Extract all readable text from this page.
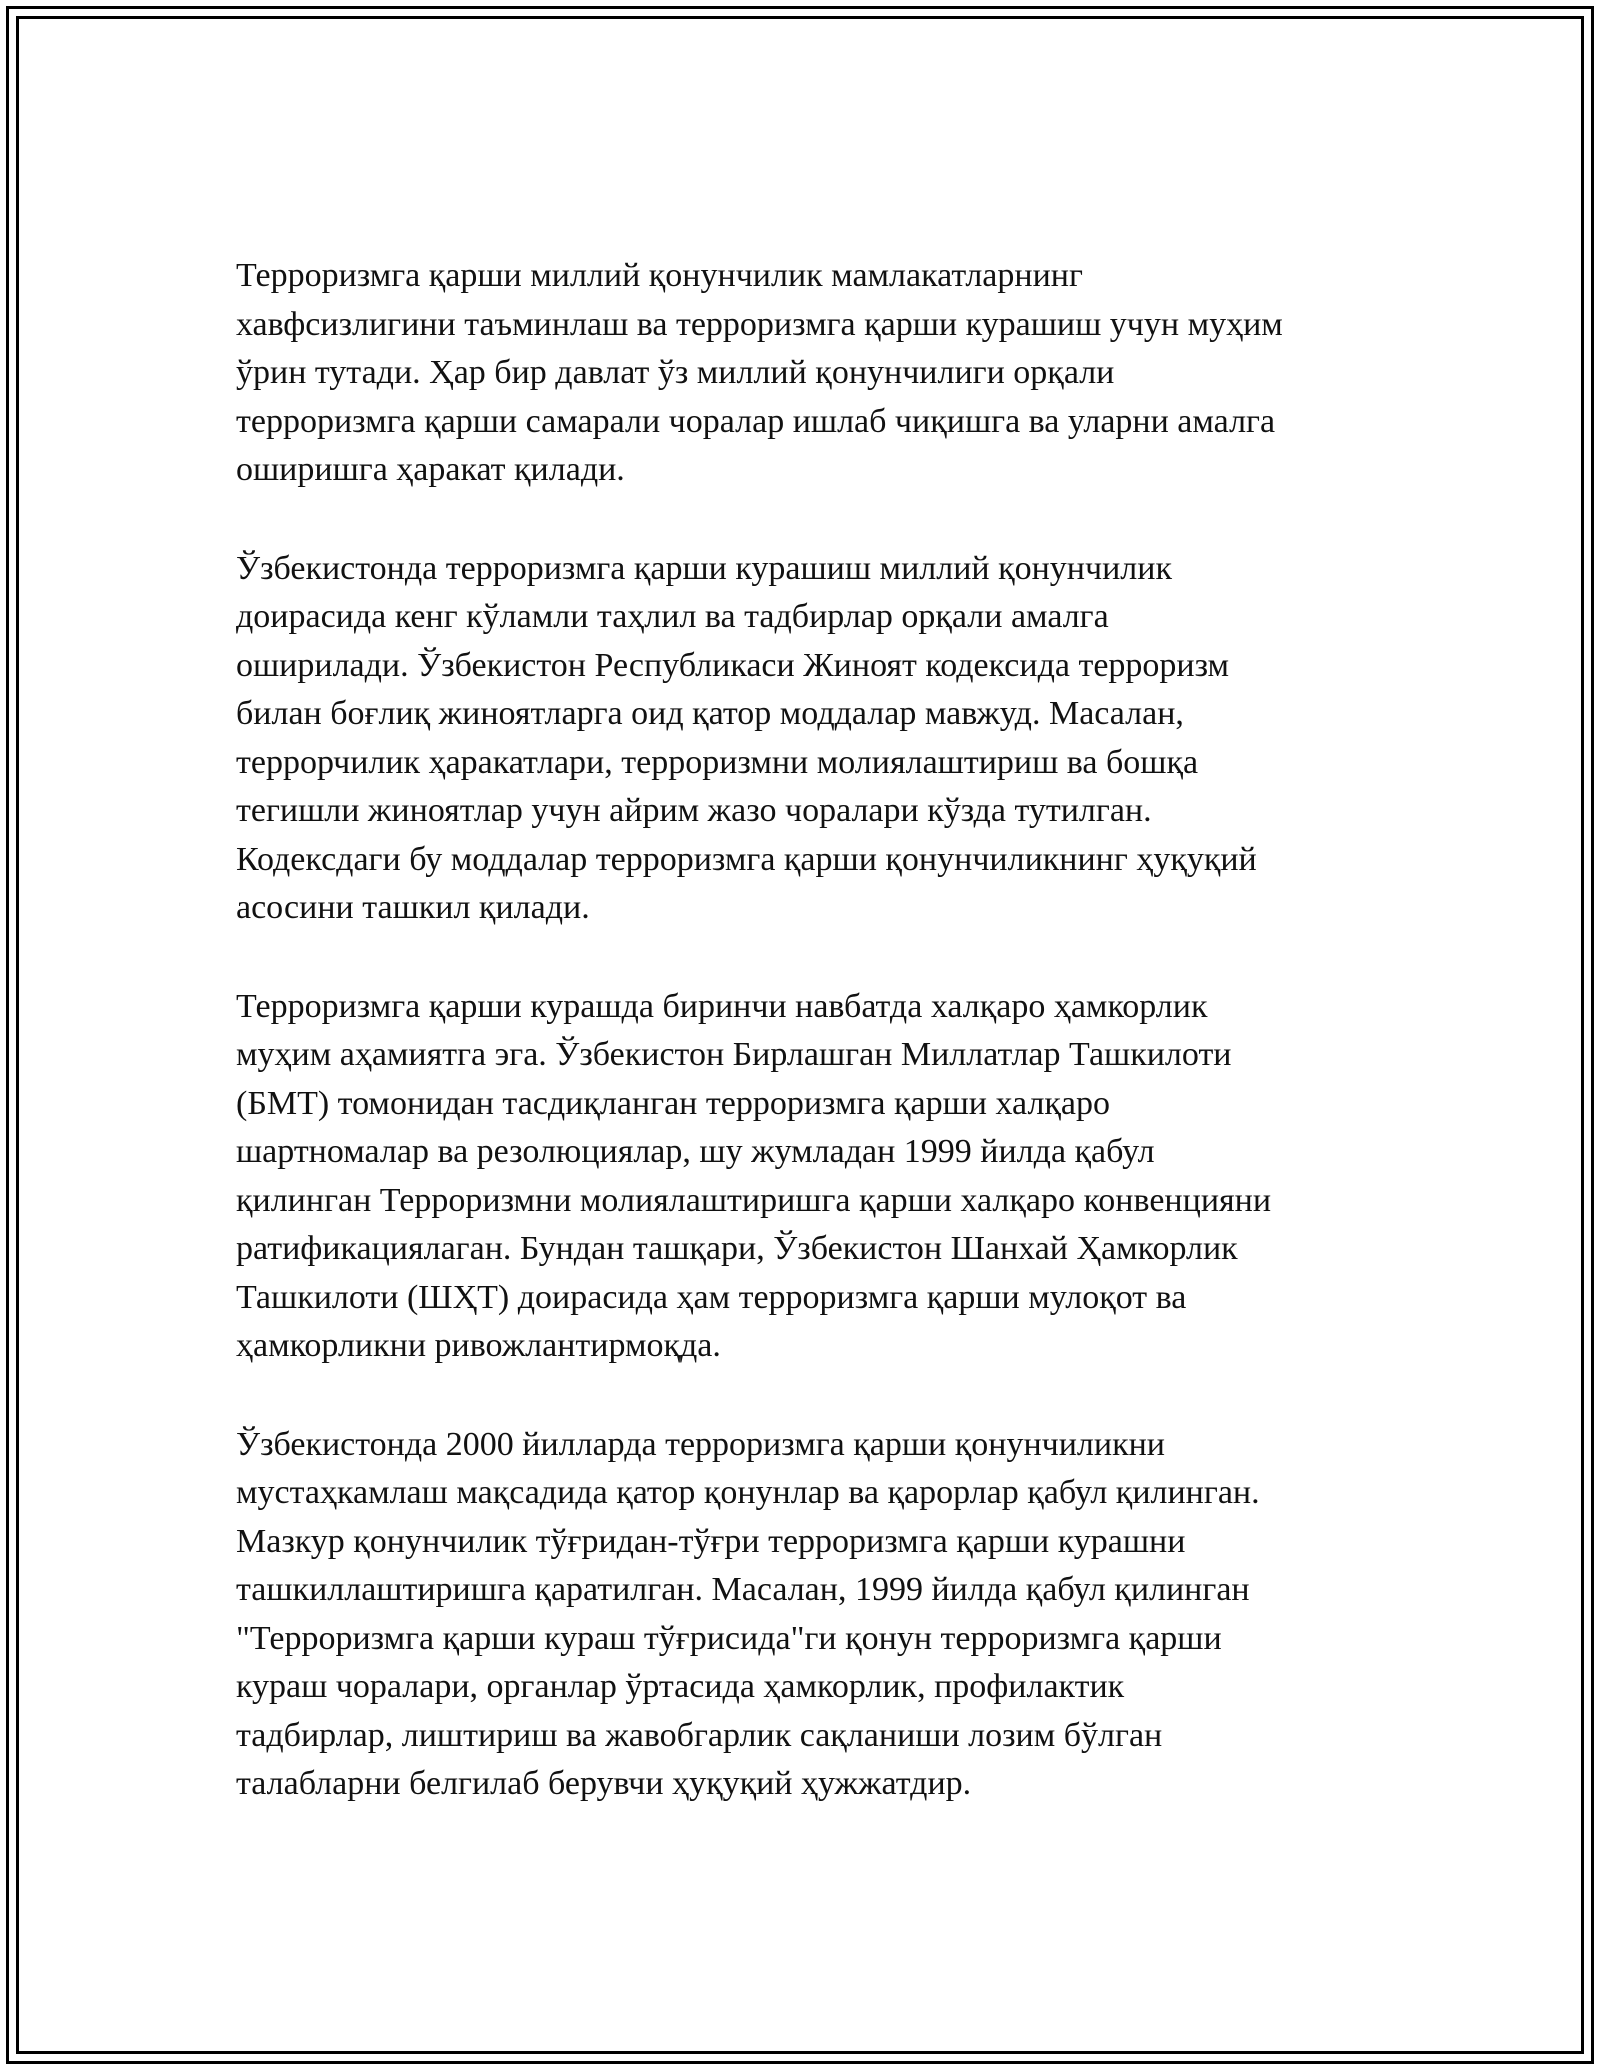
Терроризмга қарши миллий қонунчилик мамлакатларнинг
хавфсизлигини таъминлаш ва терроризмга қарши курашиш учун муҳим
ўрин тутади. Ҳар бир давлат ўз миллий қонунчилиги орқали
терроризмга қарши самарали чоралар ишлаб чиқишга ва уларни амалга
оширишга ҳаракат қилади.

Ўзбекистонда терроризмга қарши курашиш миллий қонунчилик
доирасида кенг кўламли таҳлил ва тадбирлар орқали амалга
оширилади. Ўзбекистон Республикаси Жиноят кодексида терроризм
билан боғлиқ жиноятларга оид қатор моддалар мавжуд. Масалан,
террорчилик ҳаракатлари, терроризмни молиялаштириш ва бошқа
тегишли жиноятлар учун айрим жазо чоралари кўзда тутилган.
Кодексдаги бу моддалар терроризмга қарши қонунчиликнинг ҳуқуқий
асосини ташкил қилади.

Терроризмга қарши курашда биринчи навбатда халқаро ҳамкорлик
муҳим аҳамиятга эга. Ўзбекистон Бирлашган Миллатлар Ташкилоти
(БМТ) томонидан тасдиқланган терроризмга қарши халқаро
шартномалар ва резолюциялар, шу жумладан 1999 йилда қабул
қилинган Терроризмни молиялаштиришга қарши халқаро конвенцияни
ратификациялаган. Бундан ташқари, Ўзбекистон Шанхай Ҳамкорлик
Ташкилоти (ШҲТ) доирасида ҳам терроризмга қарши мулоқот ва
ҳамкорликни ривожлантирмоқда.

Ўзбекистонда 2000 йилларда терроризмга қарши қонунчиликни
мустаҳкамлаш мақсадида қатор қонунлар ва қарорлар қабул қилинган.
Мазкур қонунчилик тўғридан-тўғри терроризмга қарши курашни
ташкиллаштиришга қаратилган. Масалан, 1999 йилда қабул қилинган
"Терроризмга қарши кураш тўғрисида"ги қонун терроризмга қарши
кураш чоралари, органлар ўртасида ҳамкорлик, профилактик
тадбирлар, лиштириш ва жавобгарлик сақланиши лозим бўлган
талабларни белгилаб берувчи ҳуқуқий ҳужжатдир.
